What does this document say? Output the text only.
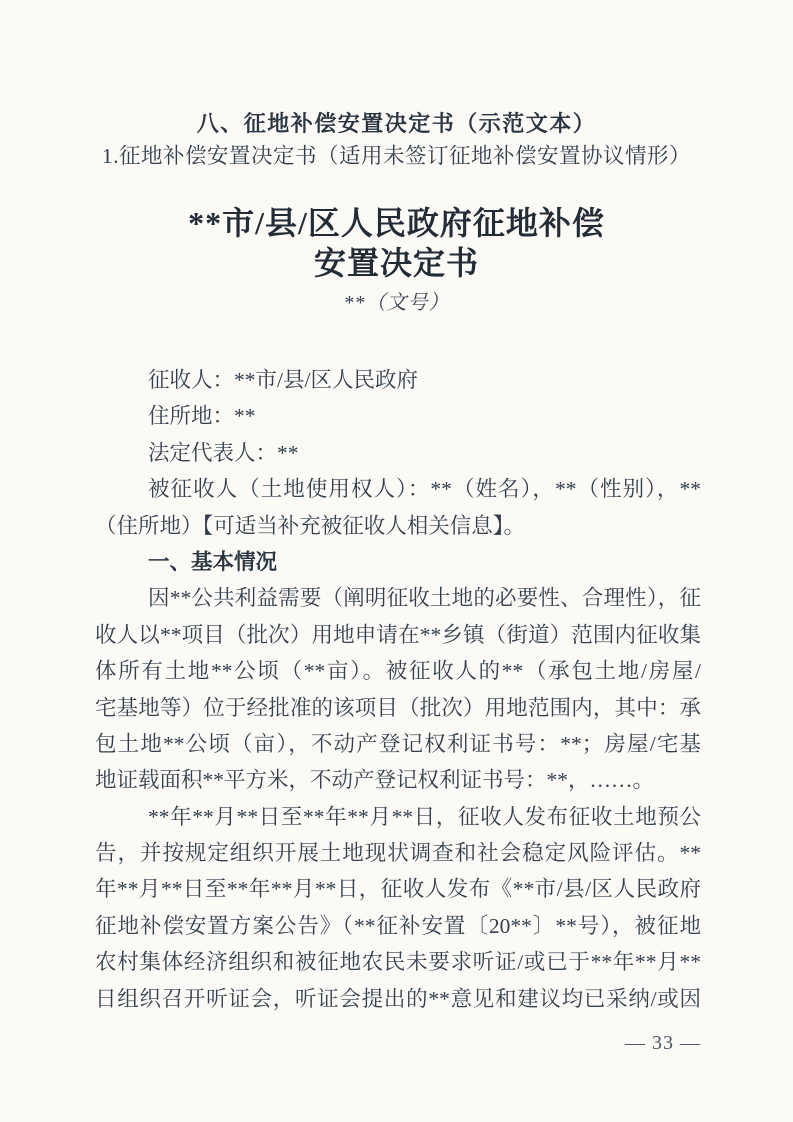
八、征地补偿安置决定书（示范文本）
1.征地补偿安置决定书（适用未签订征地补偿安置协议情形）
**市/县/区人民政府征地补偿
安置决定书
**（文号）
征收人：**市/县/区人民政府
住所地：**
法定代表人：**
被征收人（土地使用权人）：**（姓名），**（性别），**
（住所地）【可适当补充被征收人相关信息】。
一、基本情况
因**公共利益需要（阐明征收土地的必要性、合理性），征
收人以**项目（批次）用地申请在**乡镇（街道）范围内征收集
体所有土地**公顷（**亩）。被征收人的**（承包土地/房屋/
宅基地等）位于经批准的该项目（批次）用地范围内，其中：承
包土地**公顷（亩），不动产登记权利证书号：**；房屋/宅基
地证载面积**平方米，不动产登记权利证书号：**，……。
**年**月**日至**年**月**日，征收人发布征收土地预公
告，并按规定组织开展土地现状调查和社会稳定风险评估。**
年**月**日至**年**月**日，征收人发布《**市/县/区人民政府
征地补偿安置方案公告》（**征补安置〔20**〕**号），被征地
农村集体经济组织和被征地农民未要求听证/或已于**年**月**
日组织召开听证会，听证会提出的**意见和建议均已采纳/或因
— 33 —
